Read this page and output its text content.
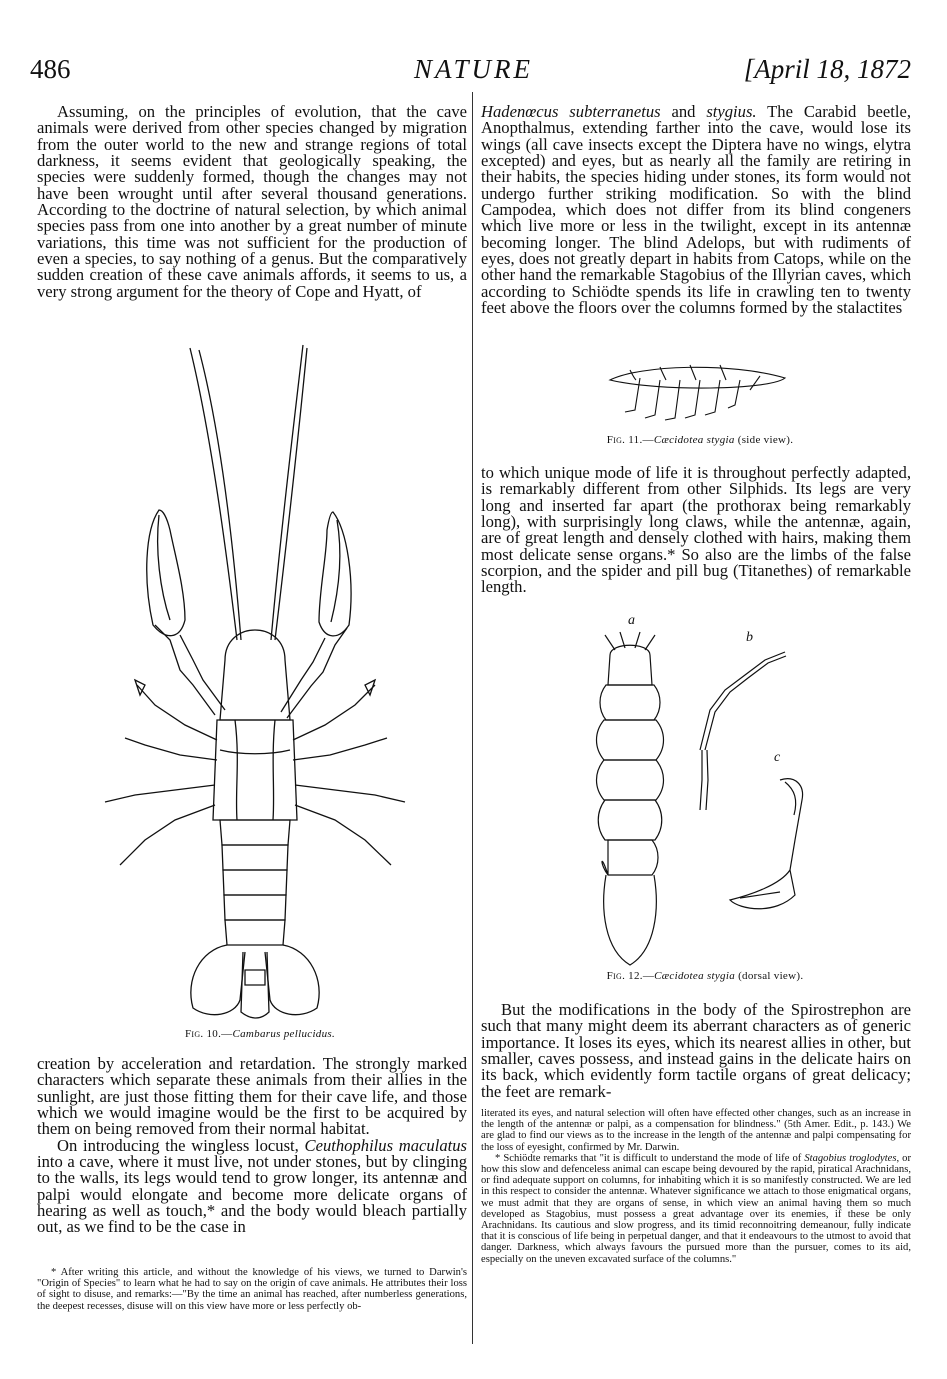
486	NATURE	[April 18, 1872

Assuming, on the principles of evolution, that the cave animals were derived from other species changed by migration from the outer world to the new and strange regions of total darkness, it seems evident that geologically speaking, the species were suddenly formed, though the changes may not have been wrought until after several thousand generations. According to the doctrine of natural selection, by which animal species pass from one into another by a great number of minute variations, this time was not sufficient for the production of even a species, to say nothing of a genus. But the comparatively sudden creation of these cave animals affords, it seems to us, a very strong argument for the theory of Cope and Hyatt, of

Fig. 10.—Cambarus pellucidus.

creation by acceleration and retardation. The strongly marked characters which separate these animals from their allies in the sunlight, are just those fitting them for their cave life, and those which we would imagine would be the first to be acquired by them on being removed from their normal habitat.

On introducing the wingless locust, Ceuthophilus maculatus into a cave, where it must live, not under stones, but by clinging to the walls, its legs would tend to grow longer, its antennæ and palpi would elongate and become more delicate organs of hearing as well as touch,* and the body would bleach partially out, as we find to be the case in

* After writing this article, and without the knowledge of his views, we turned to Darwin's "Origin of Species" to learn what he had to say on the origin of cave animals. He attributes their loss of sight to disuse, and remarks:—"By the time an animal has reached, after numberless generations, the deepest recesses, disuse will on this view have more or less perfectly ob-

Hadenœcus subterranetus and stygius. The Carabid beetle, Anopthalmus, extending farther into the cave, would lose its wings (all cave insects except the Diptera have no wings, elytra excepted) and eyes, but as nearly all the family are retiring in their habits, the species hiding under stones, its form would not undergo further striking modification. So with the blind Campodea, which does not differ from its blind congeners which live more or less in the twilight, except in its antennæ becoming longer. The blind Adelops, but with rudiments of eyes, does not greatly depart in habits from Catops, while on the other hand the remarkable Stagobius of the Illyrian caves, which according to Schiödte spends its life in crawling ten to twenty feet above the floors over the columns formed by the stalactites

Fig. 11.—Cæcidotea stygia (side view).

to which unique mode of life it is throughout perfectly adapted, is remarkably different from other Silphids. Its legs are very long and inserted far apart (the prothorax being remarkably long), with surprisingly long claws, while the antennæ, again, are of great length and densely clothed with hairs, making them most delicate sense organs.* So also are the limbs of the false scorpion, and the spider and pill bug (Titanethes) of remarkable length.

a
b
c
Fig. 12.—Cæcidotea stygia (dorsal view).

But the modifications in the body of the Spirostrephon are such that many might deem its aberrant characters as of generic importance. It loses its eyes, which its nearest allies in other, but smaller, caves possess, and instead gains in the delicate hairs on its back, which evidently form tactile organs of great delicacy; the feet are remark-

literated its eyes, and natural selection will often have effected other changes, such as an increase in the length of the antennæ or palpi, as a compensation for blindness." (5th Amer. Edit., p. 143.) We are glad to find our views as to the increase in the length of the antennæ and palpi compensating for the loss of eyesight, confirmed by Mr. Darwin.

* Schiödte remarks that "it is difficult to understand the mode of life of Stagobius troglodytes, or how this slow and defenceless animal can escape being devoured by the rapid, piratical Arachnidans, or find adequate support on columns, for inhabiting which it is so manifestly constructed. We are led in this respect to consider the antennæ. Whatever significance we attach to those enigmatical organs, we must admit that they are organs of sense, in which view an animal having them so much developed as Stagobius, must possess a great advantage over its enemies, if these be only Arachnidans. Its cautious and slow progress, and its timid reconnoitring demeanour, fully indicate that it is conscious of life being in perpetual danger, and that it endeavours to the utmost to avoid that danger. Darkness, which always favours the pursued more than the pursuer, comes to its aid, especially on the uneven excavated surface of the columns."
